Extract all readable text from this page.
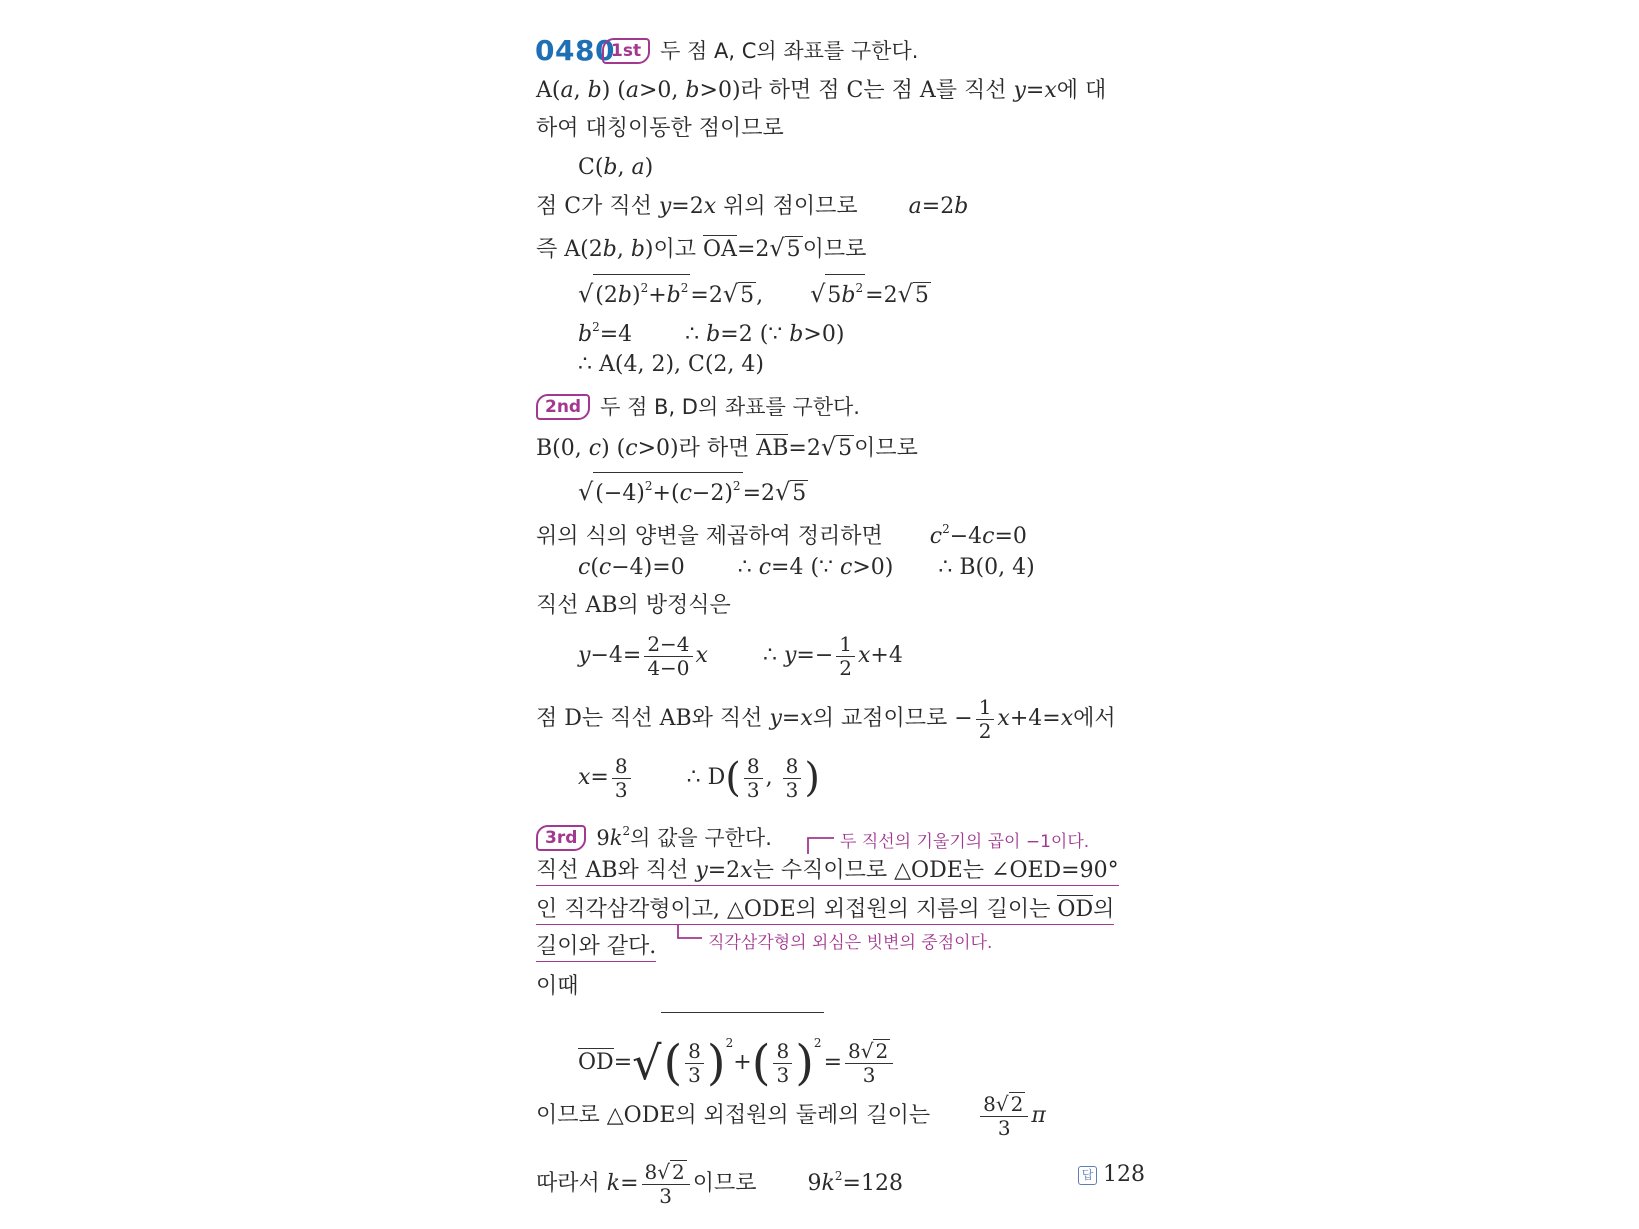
0480
1st 두 점 A, C의 좌표를 구한다.
A(a, b) (a>0, b>0)라 하면 점 C는 점 A를 직선 y=x에 대
하여 대칭이동한 점이므로
C(b, a)
점 C가 직선 y=2x 위의 점이므로 a=2b
즉 A(2b, b)이고 OA=2√5이므로
$√(2b)^2+b^2=2√5$, $√5b^2=2√5$
$b^2=4$ ∴ b=2 (∵ b>0)
∴ A(4, 2), C(2, 4)
2nd 두 점 B, D의 좌표를 구한다.
B(0, c) (c>0)라 하면 AB=2√5이므로
$√(-4)^2+(c-2)^2=2√5$
위의 식의 양변을 제곱하여 정리하면 $c^2-4c=0$
c(c−4)=0 ∴ c=4 (∵ c>0) ∴ B(0, 4)
직선 AB의 방정식은
$y-4= \frac{2-4}{4-0}$ x	∴ $y=- \frac{1}{2} x+4$
점 D는 직선 AB와 직선 y=x의 교점이므로 − $\frac{1}{2} x+4=x$에서
$x= \frac{8}{3}$	∴ $D( \frac{8}{3}$ , $\frac{8}{3}$ )
3rd $9k^2$의 값을 구한다.	두 직선의 기울기의 곱이 −1이다.
직선 AB와 직선 y=2x는 수직이므로 △ODE는 ∠OED=90°
인 직각삼각형이고, △ODE의 외접원의 지름의 길이는 OD의
길이와 같다.	직각삼각형의 외심은 빗변의 중점이다.
이때
$OD=√( \frac{8}{3} )^2+( \frac{8}{3} )^2= \frac{8√ 2}{3}$
이므로 △ODE의 외접원의 둘레의 길이는	$\frac{8√ 2}{3}$ π
따라서 $k= \frac{8√ 2}{3}$ 이므로 $9k^2=128$	답 128
